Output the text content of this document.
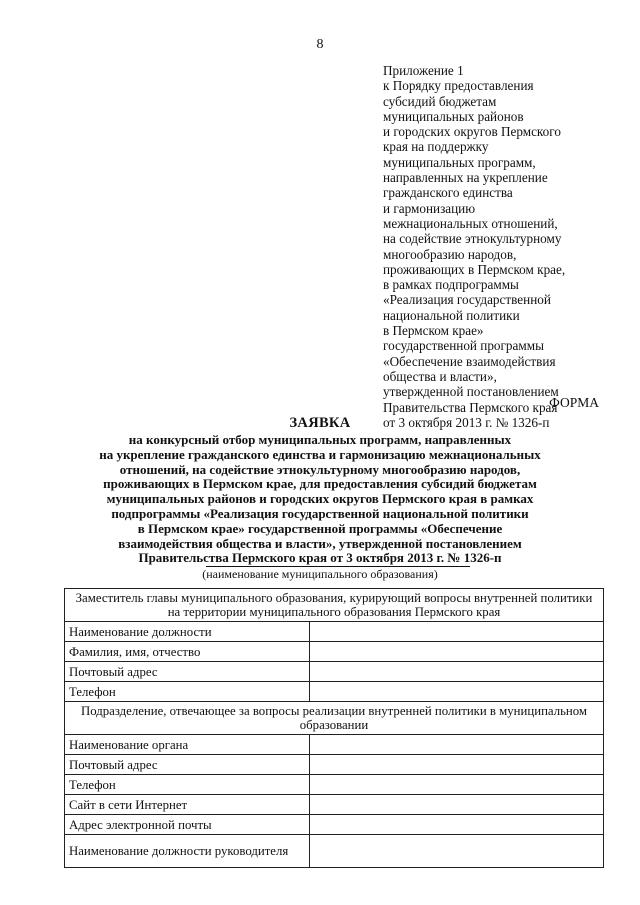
8
Приложение 1
к Порядку предоставления
субсидий бюджетам
муниципальных районов
и городских округов Пермского
края на поддержку
муниципальных программ,
направленных на укрепление
гражданского единства
и гармонизацию
межнациональных отношений,
на содействие этнокультурному
многообразию народов,
проживающих в Пермском крае,
в рамках подпрограммы
«Реализация государственной
национальной политики
в Пермском крае»
государственной программы
«Обеспечение взаимодействия
общества и власти»,
утвержденной постановлением
Правительства Пермского края
от 3 октября 2013 г. № 1326-п
ФОРМА
ЗАЯВКА
на конкурсный отбор муниципальных программ, направленных
на укрепление гражданского единства и гармонизацию межнациональных
отношений, на содействие этнокультурному многообразию народов,
проживающих в Пермском крае, для предоставления субсидий бюджетам
муниципальных районов и городских округов Пермского края в рамках
подпрограммы «Реализация государственной национальной политики
в Пермском крае» государственной программы «Обеспечение
взаимодействия общества и власти», утвержденной постановлением
Правительства Пермского края от 3 октября 2013 г. № 1326-п
(наименование муниципального образования)
Заместитель главы муниципального образования, курирующий вопросы внутренней политики на территории муниципального образования Пермского края	
Наименование должности	
Фамилия, имя, отчество	
Почтовый адрес	
Телефон	
Подразделение, отвечающее за вопросы реализации внутренней политики в муниципальном образовании	
Наименование органа	
Почтовый адрес	
Телефон	
Сайт в сети Интернет	
Адрес электронной почты	
Наименование должности руководителя	
